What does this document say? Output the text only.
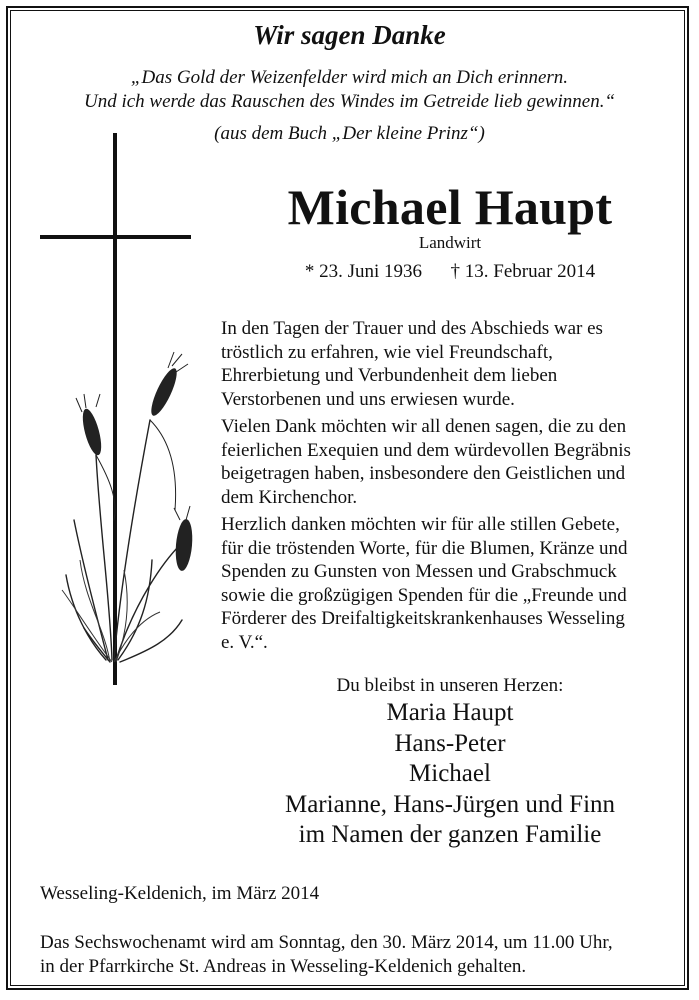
Wir sagen Danke
„Das Gold der Weizenfelder wird mich an Dich erinnern.
Und ich werde das Rauschen des Windes im Getreide lieb gewinnen.“
(aus dem Buch „Der kleine Prinz“)
Michael Haupt
Landwirt
* 23. Juni 1936 † 13. Februar 2014

In den Tagen der Trauer und des Abschieds war es tröstlich zu erfahren, wie viel Freundschaft, Ehrerbietung und Verbundenheit dem lieben Verstorbenen und uns erwiesen wurde.

Vielen Dank möchten wir all denen sagen, die zu den feierlichen Exequien und dem würdevollen Begräbnis beigetragen haben, insbesondere den Geistlichen und dem Kirchenchor.

Herzlich danken möchten wir für alle stillen Gebete, für die tröstenden Worte, für die Blumen, Kränze und Spenden zu Gunsten von Messen und Grabschmuck sowie die großzügigen Spenden für die „Freunde und Förderer des Dreifaltigkeitskrankenhauses Wesseling e. V.“.

Du bleibst in unseren Herzen:
Maria Haupt
Hans-Peter
Michael
Marianne, Hans-Jürgen und Finn
im Namen der ganzen Familie
Wesseling-Keldenich, im März 2014
Das Sechswochenamt wird am Sonntag, den 30. März 2014, um 11.00 Uhr,
in der Pfarrkirche St. Andreas in Wesseling-Keldenich gehalten.
